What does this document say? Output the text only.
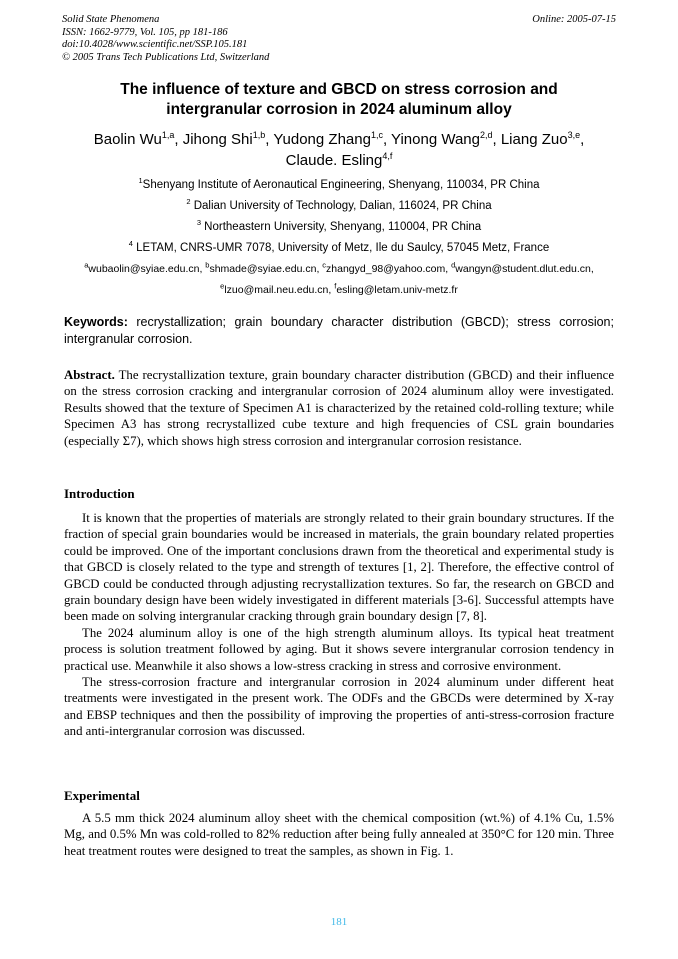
Solid State Phenomena
ISSN: 1662-9779, Vol. 105, pp 181-186
doi:10.4028/www.scientific.net/SSP.105.181
© 2005 Trans Tech Publications Ltd, Switzerland
Online: 2005-07-15
The influence of texture and GBCD on stress corrosion and
intergranular corrosion in 2024 aluminum alloy
Baolin Wu$^{1,a}$, Jihong Shi$^{1,b}$, Yudong Zhang$^{1,c}$, Yinong Wang$^{2,d}$, Liang Zuo$^{3,e}$,
Claude. Esling$^{4,f}$
$^1$Shenyang Institute of Aeronautical Engineering, Shenyang, 110034, PR China
$^2$ Dalian University of Technology, Dalian, 116024, PR China
$^3$ Northeastern University, Shenyang, 110004, PR China
$^4$ LETAM, CNRS-UMR 7078, University of Metz, Ile du Saulcy, 57045 Metz, France
$^a$wubaolin@syiae.edu.cn, $^b$shmade@syiae.edu.cn, $^c$zhangyd_98@yahoo.com, $^d$wangyn@student.dlut.edu.cn,
$^e$lzuo@mail.neu.edu.cn, $^f$esling@letam.univ-metz.fr
Keywords: recrystallization; grain boundary character distribution (GBCD); stress corrosion; intergranular corrosion.
Abstract. The recrystallization texture, grain boundary character distribution (GBCD) and their influence on the stress corrosion cracking and intergranular corrosion of 2024 aluminum alloy were investigated. Results showed that the texture of Specimen A1 is characterized by the retained cold-rolling texture; while Specimen A3 has strong recrystallized cube texture and high frequencies of CSL grain boundaries (especially Σ7), which shows high stress corrosion and intergranular corrosion resistance.
Introduction

It is known that the properties of materials are strongly related to their grain boundary structures. If the fraction of special grain boundaries would be increased in materials, the grain boundary related properties could be improved. One of the important conclusions drawn from the theoretical and experimental study is that GBCD is closely related to the type and strength of textures [1, 2]. Therefore, the effective control of GBCD could be conducted through adjusting recrystallization textures. So far, the research on GBCD and grain boundary design have been widely investigated in different materials [3-6]. Successful attempts have been made on solving intergranular cracking through grain boundary design [7, 8].

The 2024 aluminum alloy is one of the high strength aluminum alloys. Its typical heat treatment process is solution treatment followed by aging. But it shows severe intergranular corrosion tendency in practical use. Meanwhile it also shows a low-stress cracking in stress and corrosive environment.

The stress-corrosion fracture and intergranular corrosion in 2024 aluminum under different heat treatments were investigated in the present work. The ODFs and the GBCDs were determined by X-ray and EBSP techniques and then the possibility of improving the properties of anti-stress-corrosion fracture and anti-intergranular corrosion was discussed.

Experimental

A 5.5 mm thick 2024 aluminum alloy sheet with the chemical composition (wt.%) of 4.1% Cu, 1.5% Mg, and 0.5% Mn was cold-rolled to 82% reduction after being fully annealed at 350°C for 120 min. Three heat treatment routes were designed to treat the samples, as shown in Fig. 1.

181
